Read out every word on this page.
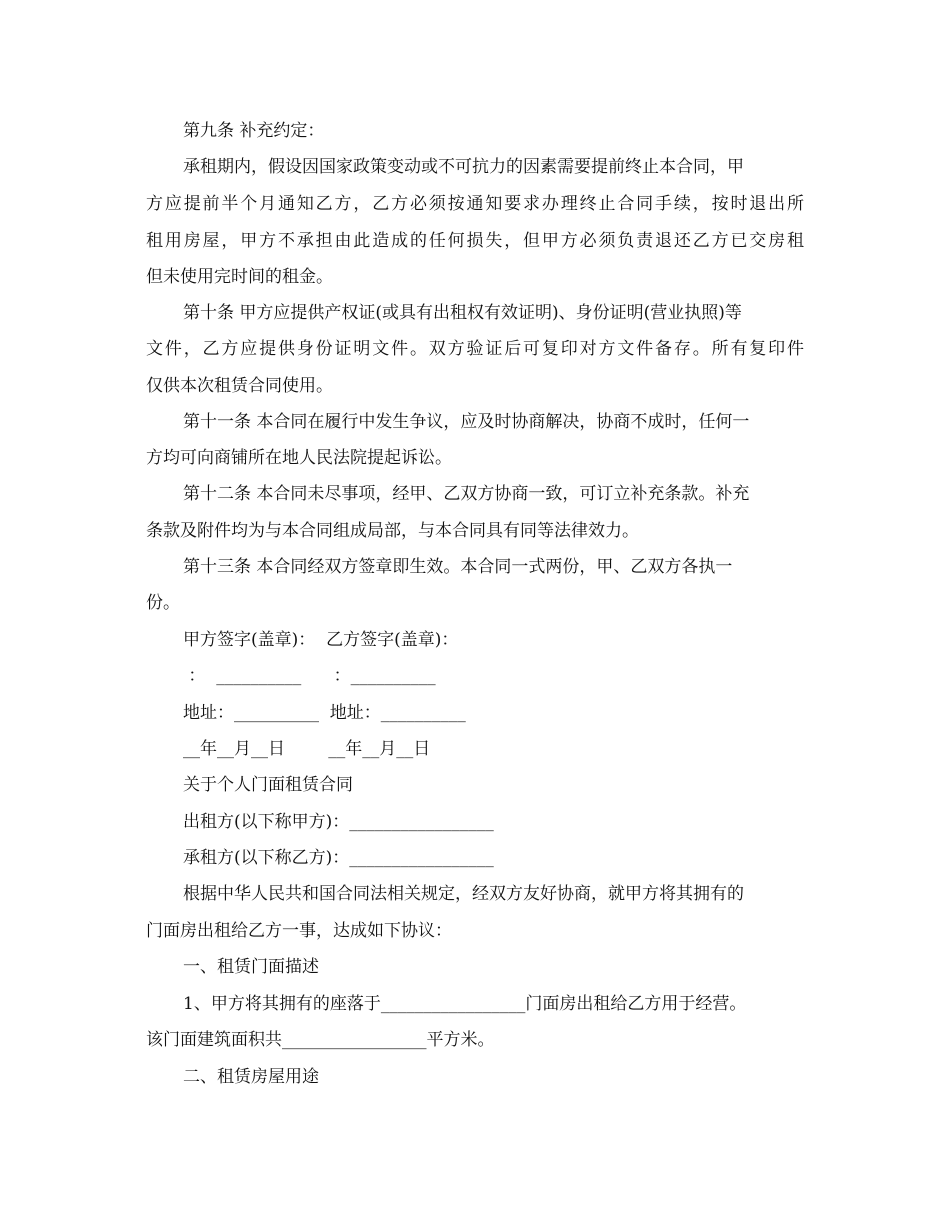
第九条 补充约定：
承租期内，假设因国家政策变动或不可抗力的因素需要提前终止本合同，甲
方应提前半个月通知乙方，乙方必须按通知要求办理终止合同手续，按时退出所
租用房屋，甲方不承担由此造成的任何损失，但甲方必须负责退还乙方已交房租
但未使用完时间的租金。
第十条 甲方应提供产权证(或具有出租权有效证明)、身份证明(营业执照)等
文件，乙方应提供身份证明文件。双方验证后可复印对方文件备存。所有复印件
仅供本次租赁合同使用。
第十一条 本合同在履行中发生争议，应及时协商解决，协商不成时，任何一
方均可向商铺所在地人民法院提起诉讼。
第十二条 本合同未尽事项，经甲、乙双方协商一致，可订立补充条款。补充
条款及附件均为与本合同组成局部，与本合同具有同等法律效力。
第十三条 本合同经双方签章即生效。本合同一式两份，甲、乙双方各执一
份。
甲方签字(盖章)：  乙方签字(盖章)：
：  __________      ：__________
地址：__________  地址：__________
__年__月__日        __年__月__日
关于个人门面租赁合同
出租方(以下称甲方)：_________________
承租方(以下称乙方)：_________________
根据中华人民共和国合同法相关规定，经双方友好协商，就甲方将其拥有的
门面房出租给乙方一事，达成如下协议：
一、租赁门面描述
1、甲方将其拥有的座落于_________________门面房出租给乙方用于经营。
该门面建筑面积共_________________平方米。
二、租赁房屋用途
